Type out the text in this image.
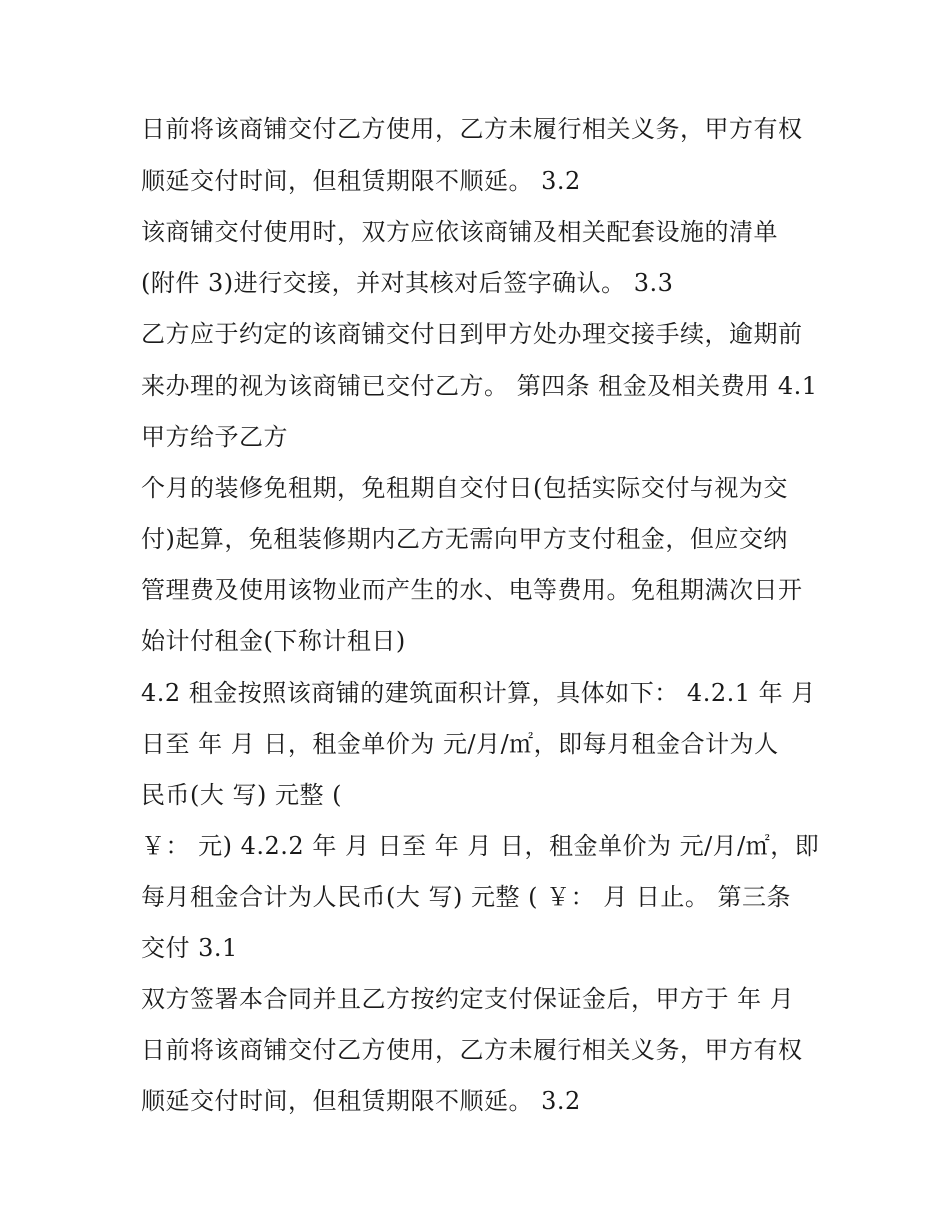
日前将该商铺交付乙方使用，乙方未履行相关义务，甲方有权
顺延交付时间，但租赁期限不顺延。 3.2
该商铺交付使用时，双方应依该商铺及相关配套设施的清单
(附件 3)进行交接，并对其核对后签字确认。 3.3
乙方应于约定的该商铺交付日到甲方处办理交接手续，逾期前
来办理的视为该商铺已交付乙方。 第四条 租金及相关费用 4.1
甲方给予乙方
个月的装修免租期，免租期自交付日(包括实际交付与视为交
付)起算，免租装修期内乙方无需向甲方支付租金，但应交纳
管理费及使用该物业而产生的水、电等费用。免租期满次日开
始计付租金(下称计租日)
4.2 租金按照该商铺的建筑面积计算，具体如下： 4.2.1 年 月
日至 年 月 日，租金单价为 元/月/㎡，即每月租金合计为人
民币(大 写) 元整 (
￥： 元) 4.2.2 年 月 日至 年 月 日，租金单价为 元/月/㎡，即
每月租金合计为人民币(大 写) 元整 ( ￥： 月 日止。 第三条
交付 3.1
双方签署本合同并且乙方按约定支付保证金后，甲方于 年 月
日前将该商铺交付乙方使用，乙方未履行相关义务，甲方有权
顺延交付时间，但租赁期限不顺延。 3.2
